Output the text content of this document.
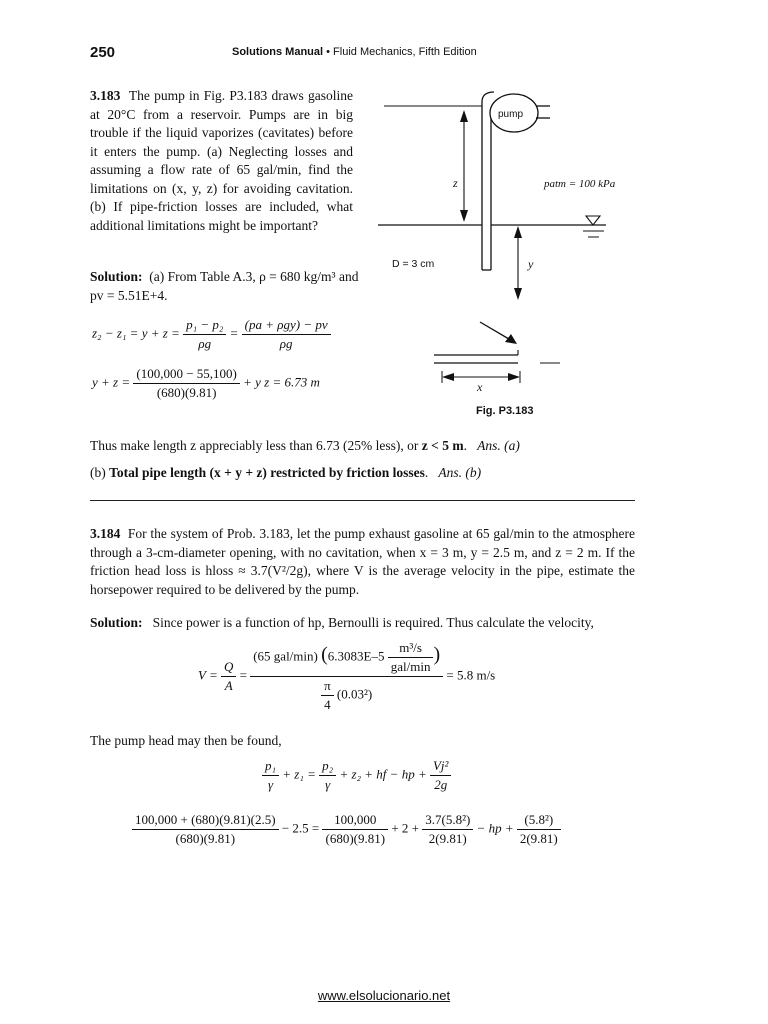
250	Solutions Manual • Fluid Mechanics, Fifth Edition
3.183 The pump in Fig. P3.183 draws gasoline at 20°C from a reservoir. Pumps are in big trouble if the liquid vaporizes (cavitates) before it enters the pump. (a) Neglecting losses and assuming a flow rate of 65 gal/min, find the limitations on (x, y, z) for avoiding cavitation. (b) If pipe-friction losses are included, what additional limitations might be important?
Solution: (a) From Table A.3, ρ = 680 kg/m³ and pv = 5.51E+4.
$z_2 - z_1 = y + z = \frac{\text{p₁ − p₂}}{\rho g} = \frac{\text{(pa + ρgy) − pv}}{\rho g}$
$y + z = \frac{(100,000 - 55,100)}{(680)(9.81)} + y$ z = 6.73 m
pump
z	patm = 100 kPa
y
D = 3 cm
x
Fig. P3.183
Thus make length z appreciably less than 6.73 (25% less), or z < 5 m.   Ans. (a)
(b) Total pipe length (x + y + z) restricted by friction losses.   Ans. (b)
3.184 For the system of Prob. 3.183, let the pump exhaust gasoline at 65 gal/min to the atmosphere through a 3-cm-diameter opening, with no cavitation, when x = 3 m, y = 2.5 m, and z = 2 m. If the friction head loss is hloss ≈ 3.7(V²/2g), where V is the average velocity in the pipe, estimate the horsepower required to be delivered by the pump.
Solution: Since power is a function of hp, Bernoulli is required. Thus calculate the velocity,
$V = \frac{Q}{A} = \frac{(65 gal/\min) (6.3083E-5 \frac{\text{m³/s}}{\text{gal/min}} )}{\frac{\pi}{4} (0.03^2)} = 5.8$ m/s
The pump head may then be found,
$\frac{\text{p₁}}{\gamma} + z_1 = \frac{\text{p₂}}{\gamma} + z_2$ + hf − hp + $\frac{\text{Vj²}}{2g}$
$\frac{100,000 + (680)(9.81)(2.5)}{(680)(9.81)} - 2.5 = \frac{100,000}{(680)(9.81)} + 2 + \frac{\text{3.7(5.8²)}}{2(9.81)}$ − hp + $\frac{\text{(5.8²)}}{2(9.81)}$
www.elsolucionario.net
